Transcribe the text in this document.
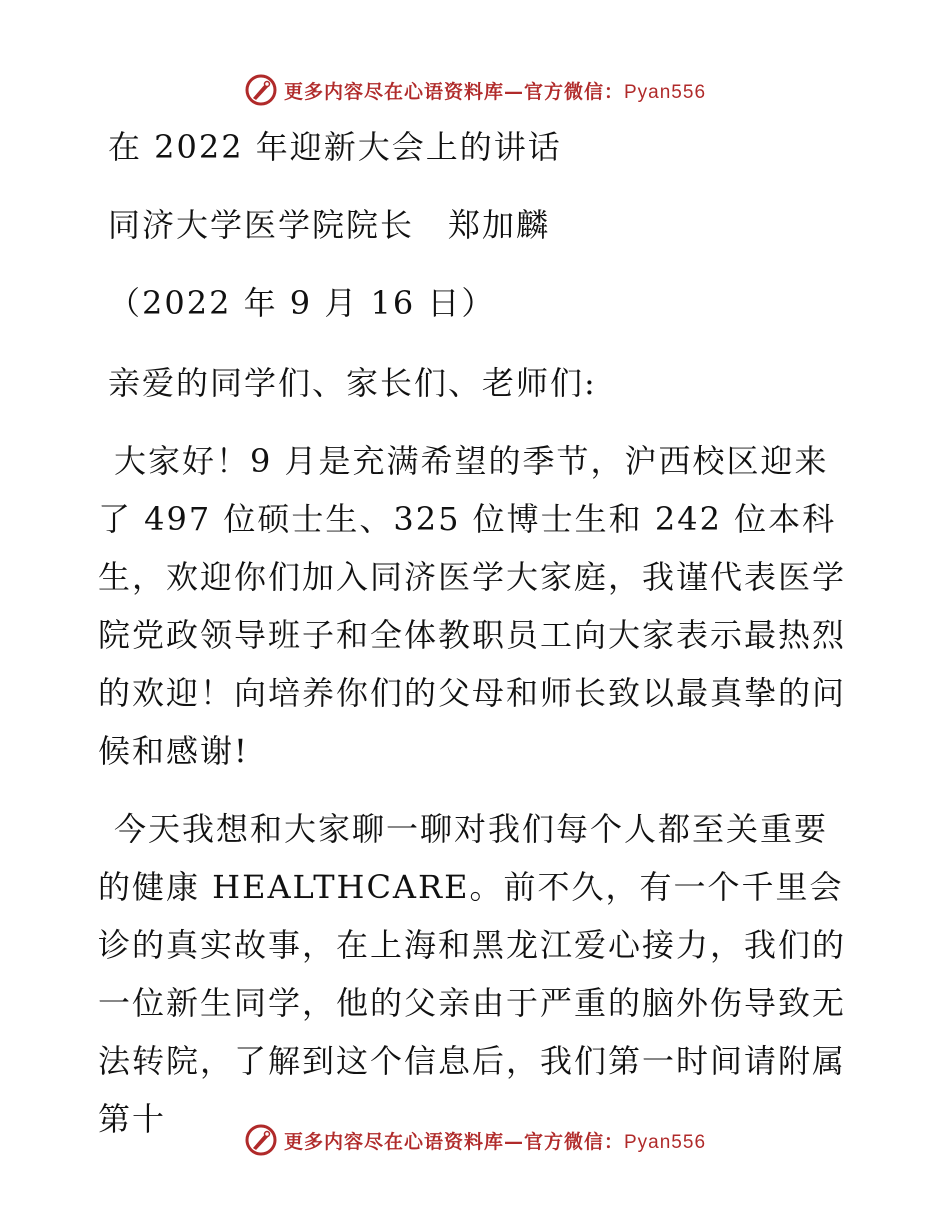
更多内容尽在心语资料库—官方微信：Pyan556

在 2022 年迎新大会上的讲话

同济大学医学院院长　郑加麟

（2022 年 9 月 16 日）

亲爱的同学们、家长们、老师们:

大家好！9 月是充满希望的季节，沪西校区迎来了 497 位硕士生、325 位博士生和 242 位本科生，欢迎你们加入同济医学大家庭，我谨代表医学院党政领导班子和全体教职员工向大家表示最热烈的欢迎！向培养你们的父母和师长致以最真挚的问候和感谢!

今天我想和大家聊一聊对我们每个人都至关重要的健康 HEALTHCARE。前不久，有一个千里会诊的真实故事，在上海和黑龙江爱心接力，我们的一位新生同学，他的父亲由于严重的脑外伤导致无法转院，了解到这个信息后，我们第一时间请附属第十

更多内容尽在心语资料库—官方微信：Pyan556
